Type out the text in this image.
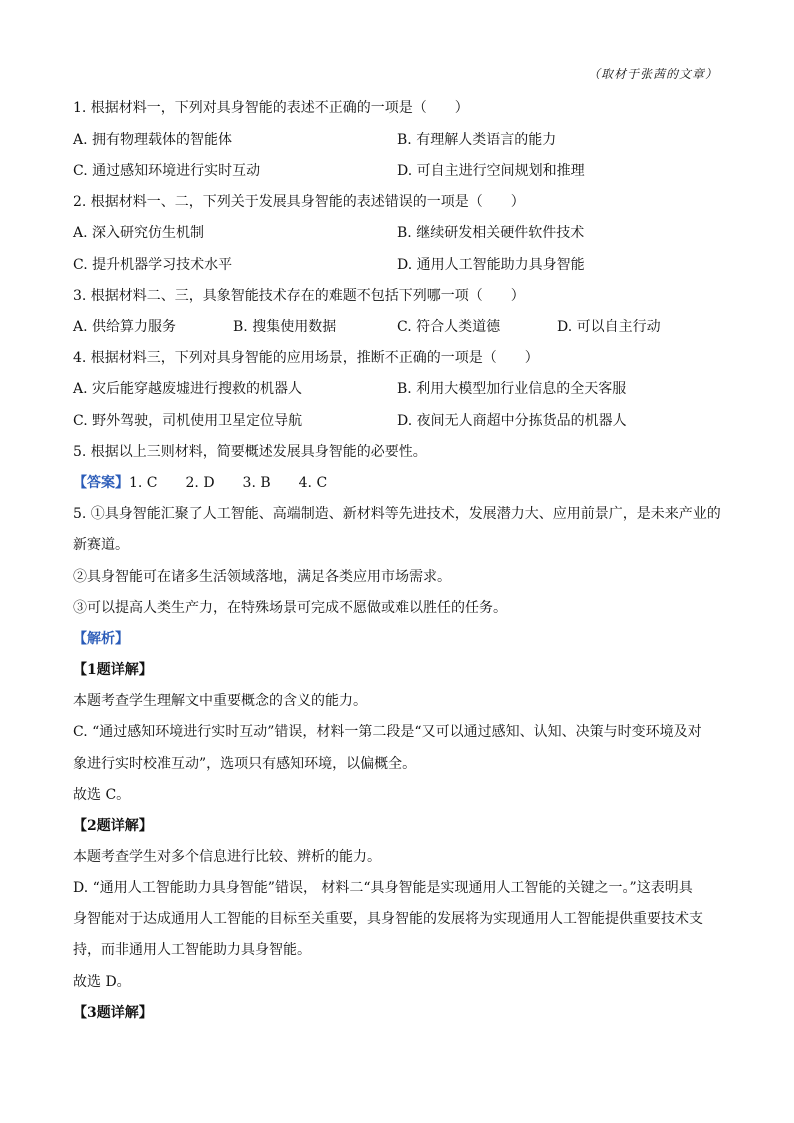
（取材于张茜的文章）
1. 根据材料一，下列对具身智能的表述不正确的一项是（　　）
A. 拥有物理载体的智能体	B. 有理解人类语言的能力
C. 通过感知环境进行实时互动	D. 可自主进行空间规划和推理
2. 根据材料一、二，下列关于发展具身智能的表述错误的一项是（　　）
A. 深入研究仿生机制	B. 继续研发相关硬件软件技术
C. 提升机器学习技术水平	D. 通用人工智能助力具身智能
3. 根据材料二、三，具象智能技术存在的难题不包括下列哪一项（　　）
A. 供给算力服务	B. 搜集使用数据	C. 符合人类道德	D. 可以自主行动
4. 根据材料三，下列对具身智能的应用场景，推断不正确的一项是（　　）
A. 灾后能穿越废墟进行搜救的机器人	B. 利用大模型加行业信息的全天客服
C. 野外驾驶，司机使用卫星定位导航	D. 夜间无人商超中分拣货品的机器人
5. 根据以上三则材料，简要概述发展具身智能的必要性。
【答案】1. C　　2. D　　3. B　　4. C
5. ①具身智能汇聚了人工智能、高端制造、新材料等先进技术，发展潜力大、应用前景广，是未来产业的
新赛道。
②具身智能可在诸多生活领域落地，满足各类应用市场需求。
③可以提高人类生产力，在特殊场景可完成不愿做或难以胜任的任务。
【解析】
【1题详解】
本题考查学生理解文中重要概念的含义的能力。
C. “通过感知环境进行实时互动”错误，材料一第二段是“又可以通过感知、认知、决策与时变环境及对
象进行实时校准互动”，选项只有感知环境，以偏概全。
故选 C。
【2题详解】
本题考查学生对多个信息进行比较、辨析的能力。
D. “通用人工智能助力具身智能”错误， 材料二“具身智能是实现通用人工智能的关键之一。”这表明具
身智能对于达成通用人工智能的目标至关重要，具身智能的发展将为实现通用人工智能提供重要技术支
持，而非通用人工智能助力具身智能。
故选 D。
【3题详解】
